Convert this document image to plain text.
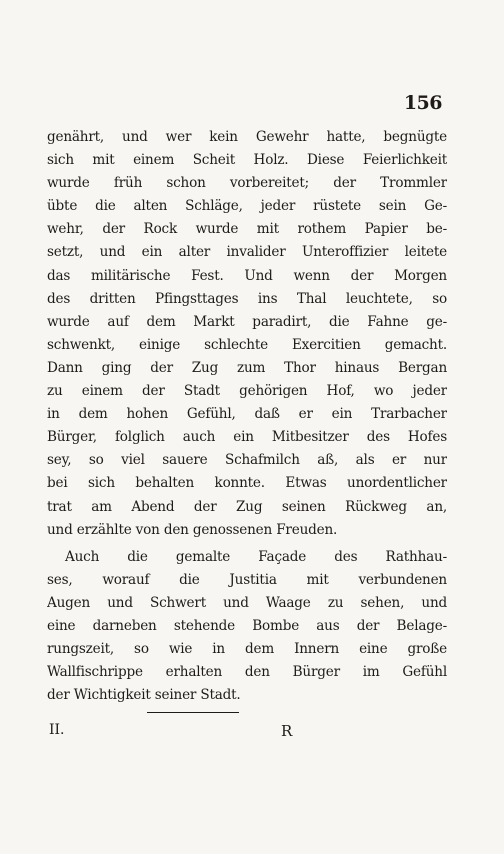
156
genährt, und wer kein Gewehr hatte, begnügte
sich mit einem Scheit Holz. Diese Feierlichkeit
wurde früh schon vorbereitet; der Trommler
übte die alten Schläge, jeder rüstete sein Ge-
wehr, der Rock wurde mit rothem Papier be-
setzt, und ein alter invalider Unteroffizier leitete
das militärische Fest. Und wenn der Morgen
des dritten Pfingsttages ins Thal leuchtete, so
wurde auf dem Markt paradirt, die Fahne ge-
schwenkt, einige schlechte Exercitien gemacht.
Dann ging der Zug zum Thor hinaus Bergan
zu einem der Stadt gehörigen Hof, wo jeder
in dem hohen Gefühl, daß er ein Trarbacher
Bürger, folglich auch ein Mitbesitzer des Hofes
sey, so viel sauere Schafmilch aß, als er nur
bei sich behalten konnte. Etwas unordentlicher
trat am Abend der Zug seinen Rückweg an,
und erzählte von den genossenen Freuden.
Auch die gemalte Façade des Rathhau-
ses, worauf die Justitia mit verbundenen
Augen und Schwert und Waage zu sehen, und
eine darneben stehende Bombe aus der Belage-
rungszeit, so wie in dem Innern eine große
Wallfischrippe erhalten den Bürger im Gefühl
der Wichtigkeit seiner Stadt.
II.	R
